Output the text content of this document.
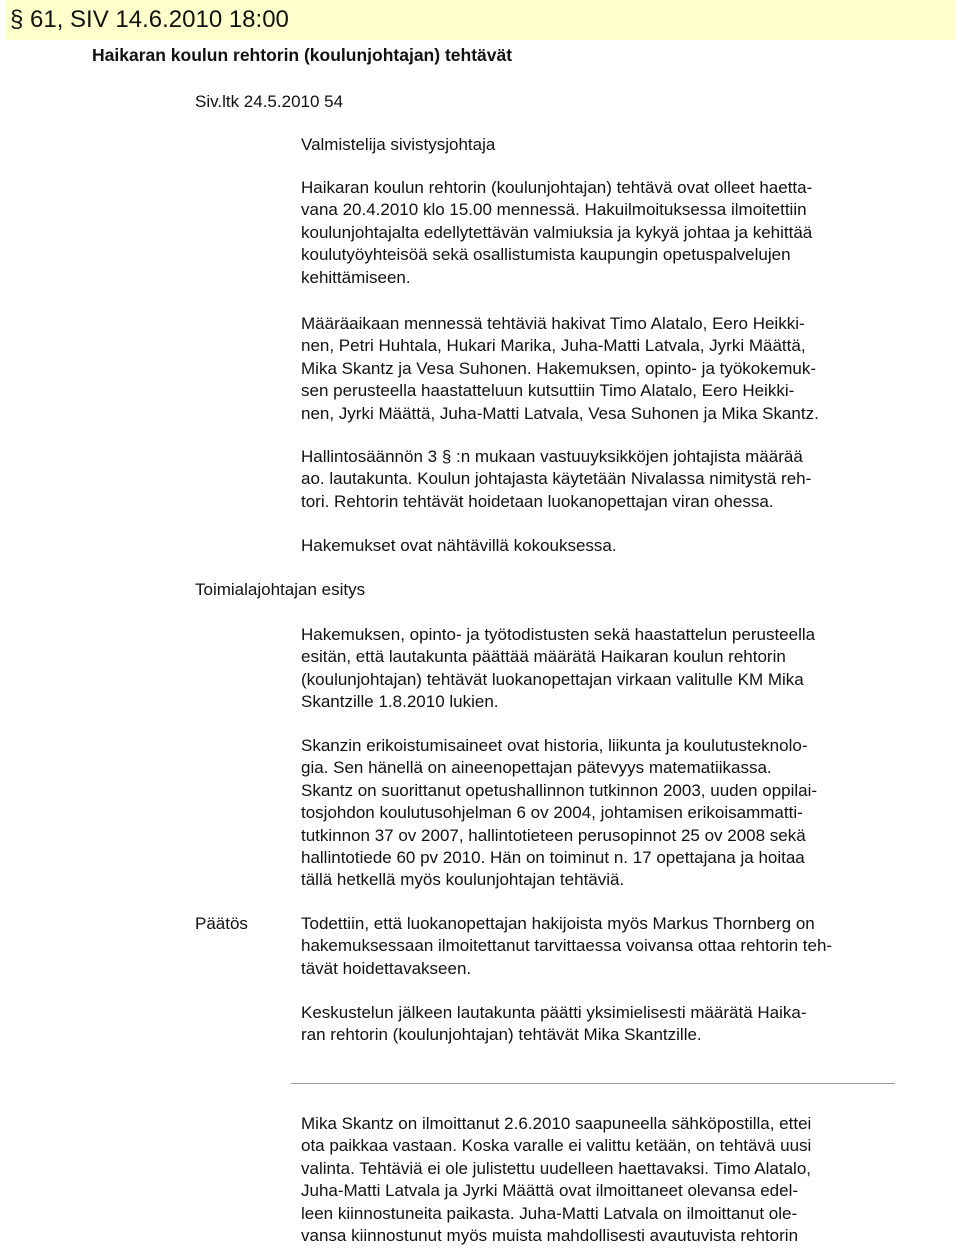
§ 61, SIV 14.6.2010 18:00
Haikaran koulun rehtorin (koulunjohtajan) tehtävät
Siv.ltk 24.5.2010 54
Valmistelija sivistysjohtaja
Haikaran koulun rehtorin (koulunjohtajan) tehtävä ovat olleet haetta-
vana 20.4.2010 klo 15.00 mennessä. Hakuilmoituksessa ilmoitettiin
koulunjohtajalta edellytettävän valmiuksia ja kykyä johtaa ja kehittää
koulutyöyhteisöä sekä osallistumista kaupungin opetuspalvelujen
kehittämiseen.
Määräaikaan mennessä tehtäviä hakivat Timo Alatalo, Eero Heikki-
nen, Petri Huhtala, Hukari Marika, Juha-Matti Latvala, Jyrki Määttä,
Mika Skantz ja Vesa Suhonen. Hakemuksen, opinto- ja työkokemuk-
sen perusteella haastatteluun kutsuttiin Timo Alatalo, Eero Heikki-
nen, Jyrki Määttä, Juha-Matti Latvala, Vesa Suhonen ja Mika Skantz.
Hallintosäännön 3 § :n mukaan vastuuyksikköjen johtajista määrää
ao. lautakunta. Koulun johtajasta käytetään Nivalassa nimitystä reh-
tori. Rehtorin tehtävät hoidetaan luokanopettajan viran ohessa.
Hakemukset ovat nähtävillä kokouksessa.
Toimialajohtajan esitys
Hakemuksen, opinto- ja työtodistusten sekä haastattelun perusteella
esitän, että lautakunta päättää määrätä Haikaran koulun rehtorin
(koulunjohtajan) tehtävät luokanopettajan virkaan valitulle KM Mika
Skantzille 1.8.2010 lukien.
Skanzin erikoistumisaineet ovat historia, liikunta ja koulutusteknolo-
gia. Sen hänellä on aineenopettajan pätevyys matematiikassa.
Skantz on suorittanut opetushallinnon tutkinnon 2003, uuden oppilai-
tosjohdon koulutusohjelman 6 ov 2004, johtamisen erikoisammatti-
tutkinnon 37 ov 2007, hallintotieteen perusopinnot 25 ov 2008 sekä
hallintotiede 60 pv 2010. Hän on toiminut n. 17 opettajana ja hoitaa
tällä hetkellä myös koulunjohtajan tehtäviä.
Päätös	Todettiin, että luokanopettajan hakijoista myös Markus Thornberg on
hakemuksessaan ilmoitettanut tarvittaessa voivansa ottaa rehtorin teh-
tävät hoidettavakseen.
Keskustelun jälkeen lautakunta päätti yksimielisesti määrätä Haika-
ran rehtorin (koulunjohtajan) tehtävät Mika Skantzille.
Mika Skantz on ilmoittanut 2.6.2010 saapuneella sähköpostilla, ettei
ota paikkaa vastaan. Koska varalle ei valittu ketään, on tehtävä uusi
valinta. Tehtäviä ei ole julistettu uudelleen haettavaksi. Timo Alatalo,
Juha-Matti Latvala ja Jyrki Määttä ovat ilmoittaneet olevansa edel-
leen kiinnostuneita paikasta. Juha-Matti Latvala on ilmoittanut ole-
vansa kiinnostunut myös muista mahdollisesti avautuvista rehtorin
